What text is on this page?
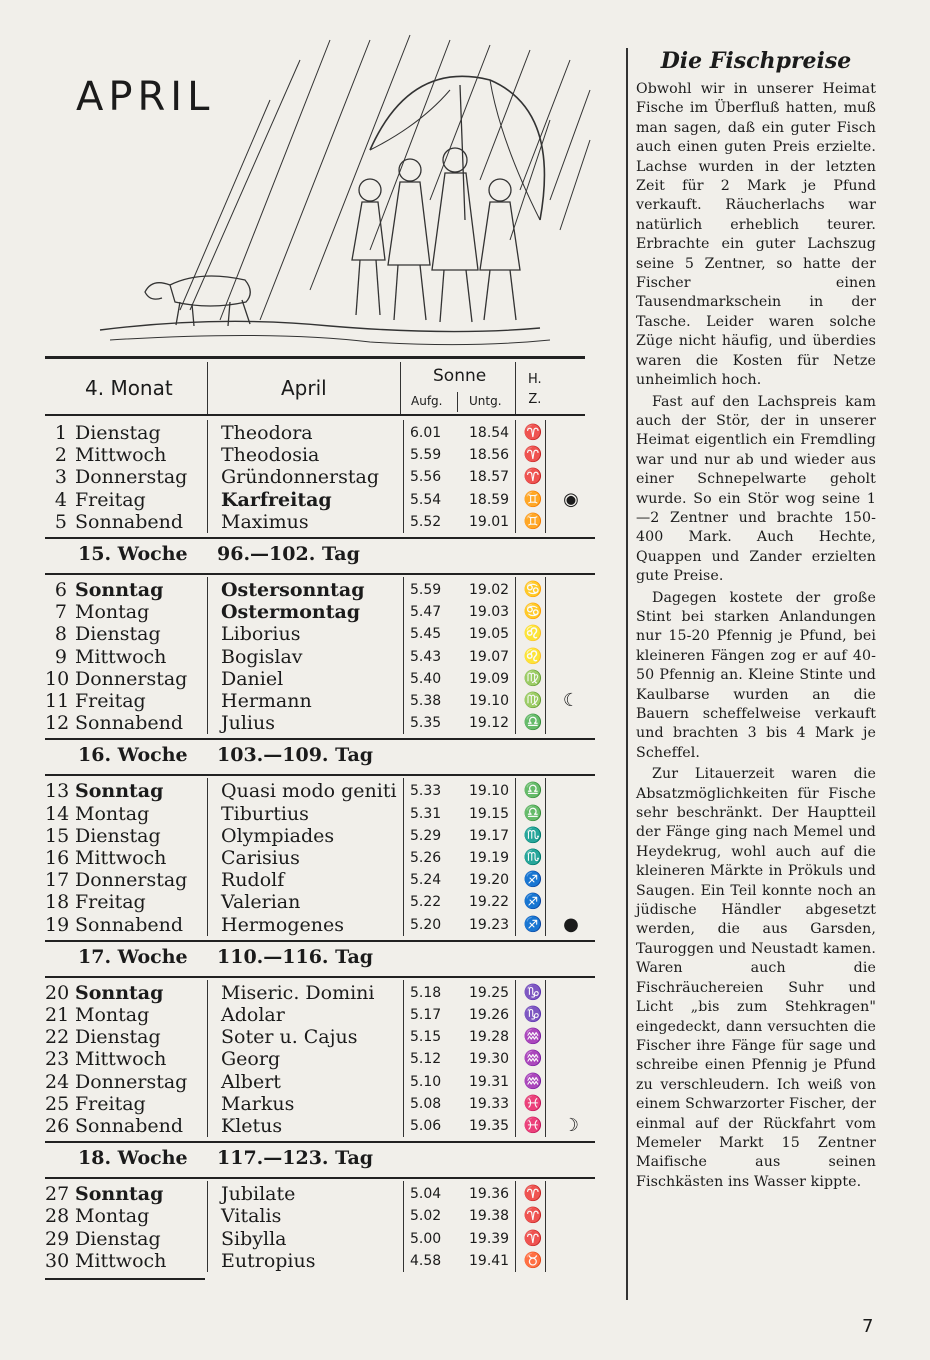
APRIL
4. Monat	April	Sonne
Aufg. Untg.
H.
Z.
1 Dienstag	Theodora	6.01 18.54 ♈
2 Mittwoch	Theodosia	5.59 18.56 ♈
3 Donnerstag Gründonnerstag 5.56 18.57 ♈
4 Freitag	Karfreitag	5.54 18.59 ♊ ◉
5 Sonnabend Maximus	5.52 19.01 ♊
15. Woche 96.—102. Tag
6 Sonntag	Ostersonntag	5.59 19.02 ♋
7 Montag	Ostermontag	5.47 19.03 ♋
8 Dienstag	Liborius	5.45 19.05 ♌
9 Mittwoch	Bogislav	5.43 19.07 ♌
10 Donnerstag Daniel	5.40 19.09 ♍
11 Freitag	Hermann	5.38 19.10 ♍ ☾
12 Sonnabend Julius	5.35 19.12 ♎
16. Woche 103.—109. Tag
13 Sonntag	Quasi modo geniti 5.33 19.10 ♎
14 Montag	Tiburtius	5.31 19.15 ♎
15 Dienstag	Olympiades	5.29 19.17 ♏
16 Mittwoch	Carisius	5.26 19.19 ♏
17 Donnerstag Rudolf	5.24 19.20 ♐
18 Freitag	Valerian	5.22 19.22 ♐
19 Sonnabend Hermogenes	5.20 19.23 ♐ ●
17. Woche 110.—116. Tag
20 Sonntag	Miseric. Domini	5.18 19.25 ♑
21 Montag	Adolar	5.17 19.26 ♑
22 Dienstag	Soter u. Cajus	5.15 19.28 ♒
23 Mittwoch	Georg	5.12 19.30 ♒
24 Donnerstag Albert	5.10 19.31 ♒
25 Freitag	Markus	5.08 19.33 ♓
26 Sonnabend Kletus	5.06 19.35 ♓ ☽
18. Woche 117.—123. Tag
27 Sonntag	Jubilate	5.04 19.36 ♈
28 Montag	Vitalis	5.02 19.38 ♈
29 Dienstag	Sibylla	5.00 19.39 ♈
30 Mittwoch	Eutropius	4.58 19.41 ♉
Die Fischpreise

Obwohl wir in unserer Heimat Fische im Überfluß hatten, muß man sagen, daß ein guter Fisch auch einen guten Preis erzielte. Lachse wurden in der letzten Zeit für 2 Mark je Pfund verkauft. Räucherlachs war natürlich erheblich teurer. Erbrachte ein guter Lachszug seine 5 Zentner, so hatte der Fischer einen Tausendmarkschein in der Tasche. Leider waren solche Züge nicht häufig, und überdies waren die Kosten für Netze unheimlich hoch.

Fast auf den Lachspreis kam auch der Stör, der in unserer Heimat eigentlich ein Fremdling war und nur ab und wieder aus einer Schnepelwarte geholt wurde. So ein Stör wog seine 1—2 Zentner und brachte 150-400 Mark. Auch Hechte, Quappen und Zander erzielten gute Preise.

Dagegen kostete der große Stint bei starken Anlandungen nur 15-20 Pfennig je Pfund, bei kleineren Fängen zog er auf 40-50 Pfennig an. Kleine Stinte und Kaulbarse wurden an die Bauern scheffelweise verkauft und brachten 3 bis 4 Mark je Scheffel.

Zur Litauerzeit waren die Absatzmöglichkeiten für Fische sehr beschränkt. Der Hauptteil der Fänge ging nach Memel und Heydekrug, wohl auch auf die kleineren Märkte in Prökuls und Saugen. Ein Teil konnte noch an jüdische Händler abgesetzt werden, die aus Garsden, Tauroggen und Neustadt kamen. Waren auch die Fischräuchereien Suhr und Licht „bis zum Stehkragen" eingedeckt, dann versuchten die Fischer ihre Fänge für sage und schreibe einen Pfennig je Pfund zu verschleudern. Ich weiß von einem Schwarzorter Fischer, der einmal auf der Rückfahrt vom Memeler Markt 15 Zentner Maifische aus seinen Fischkästen ins Wasser kippte.

7
